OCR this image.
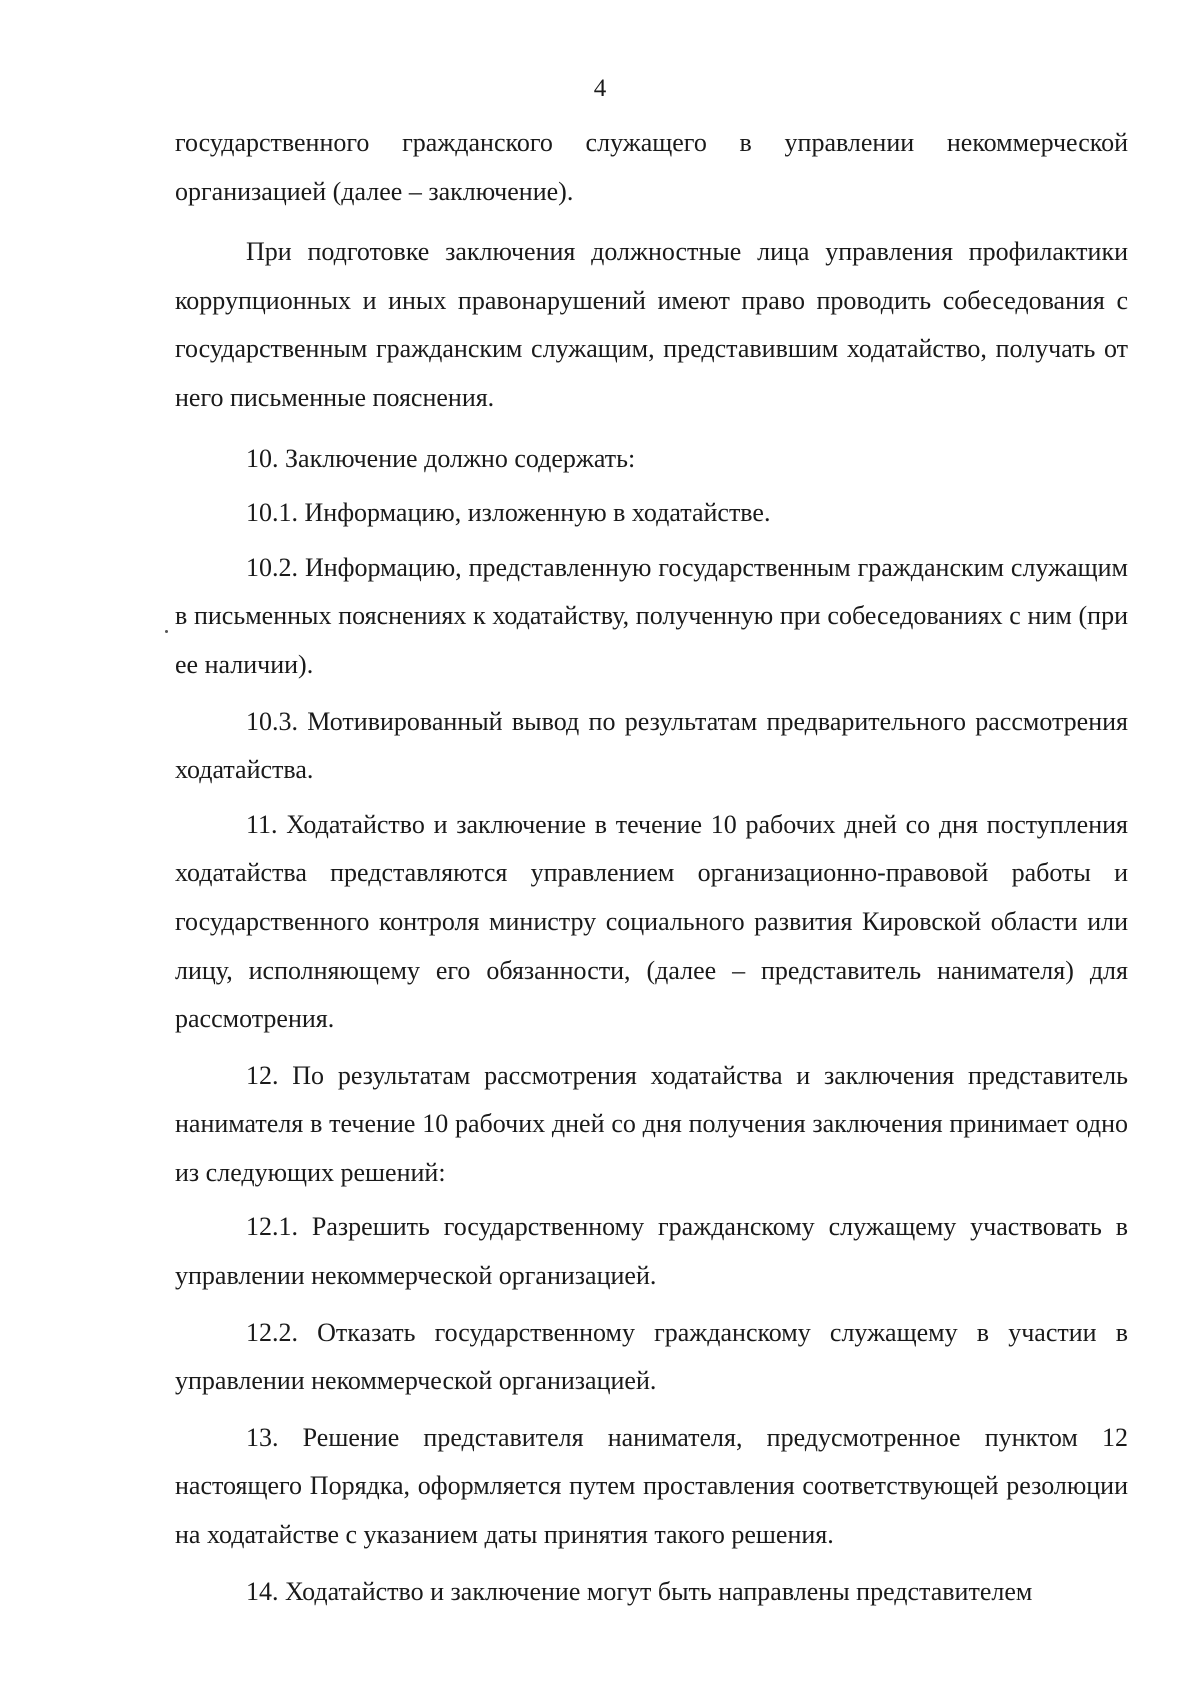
4

государственного гражданского служащего в управлении некоммерческой организацией (далее – заключение).

При подготовке заключения должностные лица управления профилактики коррупционных и иных правонарушений имеют право проводить собеседования с государственным гражданским служащим, представившим ходатайство, получать от него письменные пояснения.

10. Заключение должно содержать:

10.1. Информацию, изложенную в ходатайстве.

10.2. Информацию, представленную государственным гражданским служащим в письменных пояснениях к ходатайству, полученную при собеседованиях с ним (при ее наличии).

10.3. Мотивированный вывод по результатам предварительного рассмотрения ходатайства.

11. Ходатайство и заключение в течение 10 рабочих дней со дня поступления ходатайства представляются управлением организационно-правовой работы и государственного контроля министру социального развития Кировской области или лицу, исполняющему его обязанности, (далее – представитель нанимателя) для рассмотрения.

12. По результатам рассмотрения ходатайства и заключения представитель нанимателя в течение 10 рабочих дней со дня получения заключения принимает одно из следующих решений:

12.1. Разрешить государственному гражданскому служащему участвовать в управлении некоммерческой организацией.

12.2. Отказать государственному гражданскому служащему в участии в управлении некоммерческой организацией.

13. Решение представителя нанимателя, предусмотренное пунктом 12 настоящего Порядка, оформляется путем проставления соответствующей резолюции на ходатайстве с указанием даты принятия такого решения.

14. Ходатайство и заключение могут быть направлены представителем
